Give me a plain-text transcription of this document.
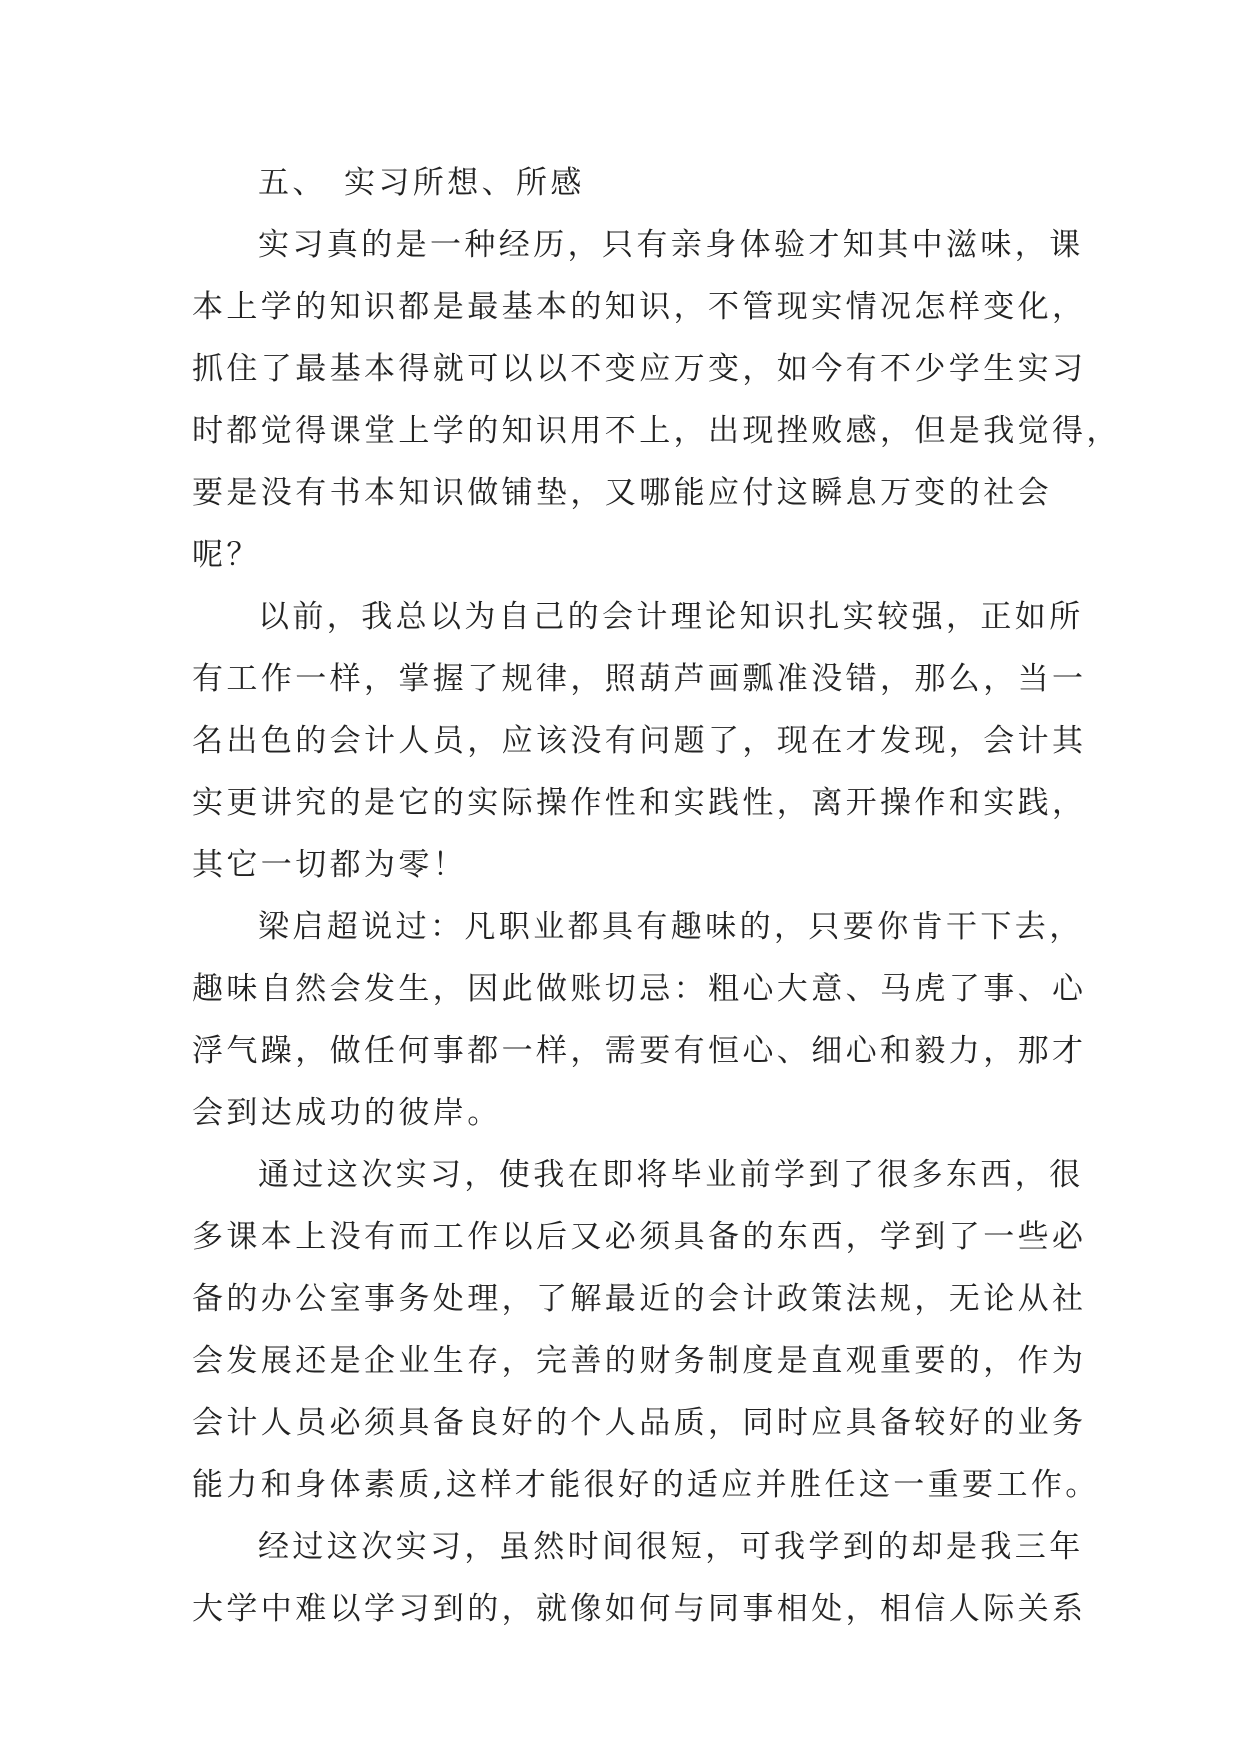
五、 实习所想、所感
实习真的是一种经历，只有亲身体验才知其中滋味，课
本上学的知识都是最基本的知识，不管现实情况怎样变化，
抓住了最基本得就可以以不变应万变，如今有不少学生实习
时都觉得课堂上学的知识用不上，出现挫败感，但是我觉得，
要是没有书本知识做铺垫，又哪能应付这瞬息万变的社会
呢？
以前，我总以为自己的会计理论知识扎实较强，正如所
有工作一样，掌握了规律，照葫芦画瓢准没错，那么，当一
名出色的会计人员，应该没有问题了，现在才发现，会计其
实更讲究的是它的实际操作性和实践性，离开操作和实践，
其它一切都为零！
梁启超说过：凡职业都具有趣味的，只要你肯干下去，
趣味自然会发生，因此做账切忌：粗心大意、马虎了事、心
浮气躁，做任何事都一样，需要有恒心、细心和毅力，那才
会到达成功的彼岸。
通过这次实习，使我在即将毕业前学到了很多东西，很
多课本上没有而工作以后又必须具备的东西，学到了一些必
备的办公室事务处理，了解最近的会计政策法规，无论从社
会发展还是企业生存，完善的财务制度是直观重要的，作为
会计人员必须具备良好的个人品质，同时应具备较好的业务
能力和身体素质,这样才能很好的适应并胜任这一重要工作。
经过这次实习，虽然时间很短，可我学到的却是我三年
大学中难以学习到的，就像如何与同事相处，相信人际关系
